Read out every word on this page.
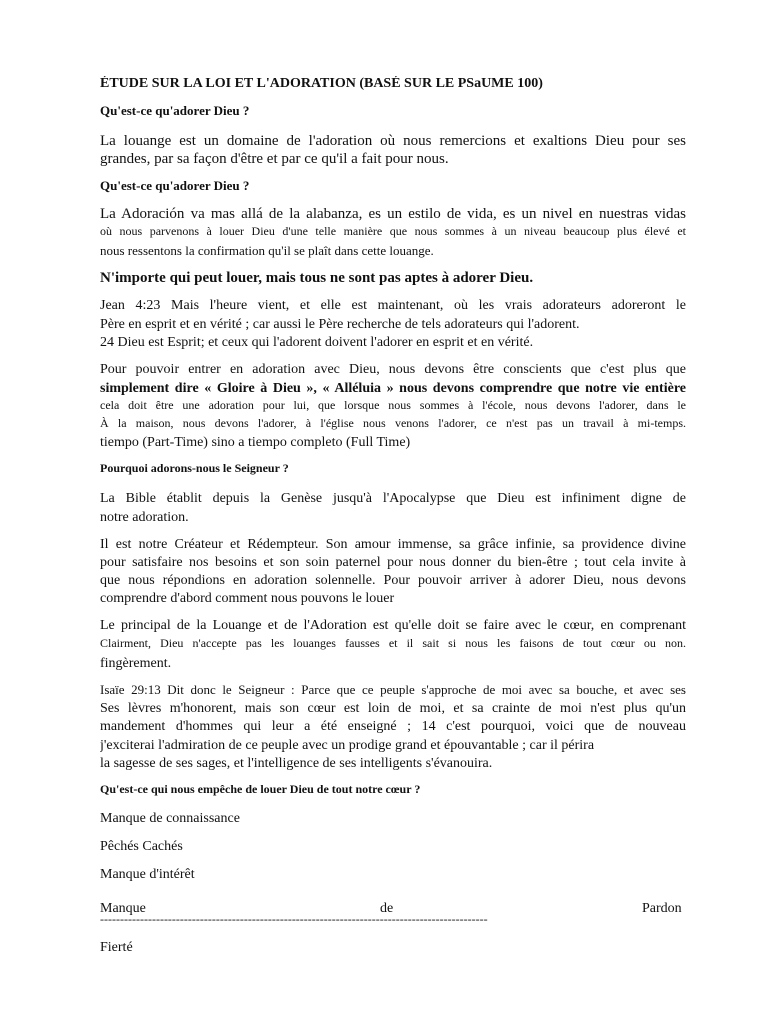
ÉTUDE SUR LA LOI ET L'ADORATION (BASÉ SUR LE PSaUME 100)
Qu'est-ce qu'adorer Dieu ?
La louange est un domaine de l'adoration où nous remercions et exaltions Dieu pour ses
grandes, par sa façon d'être et par ce qu'il a fait pour nous.
Qu'est-ce qu'adorer Dieu ?
La Adoración va mas allá de la alabanza, es un estilo de vida, es un nivel en nuestras vidas
où nous parvenons à louer Dieu d'une telle manière que nous sommes à un niveau beaucoup plus élevé et
nous ressentons la confirmation qu'il se plaît dans cette louange.
N'importe qui peut louer, mais tous ne sont pas aptes à adorer Dieu.
Jean 4:23 Mais l'heure vient, et elle est maintenant, où les vrais adorateurs adoreront le
Père en esprit et en vérité ; car aussi le Père recherche de tels adorateurs qui l'adorent.
24 Dieu est Esprit; et ceux qui l'adorent doivent l'adorer en esprit et en vérité.
Pour pouvoir entrer en adoration avec Dieu, nous devons être conscients que c'est plus que
simplement dire « Gloire à Dieu », « Alléluia » nous devons comprendre que notre vie entière
cela doit être une adoration pour lui, que lorsque nous sommes à l'école, nous devons l'adorer, dans le
À la maison, nous devons l'adorer, à l'église nous venons l'adorer, ce n'est pas un travail à mi-temps.
tiempo (Part-Time) sino a tiempo completo (Full Time)
Pourquoi adorons-nous le Seigneur ?
La Bible établit depuis la Genèse jusqu'à l'Apocalypse que Dieu est infiniment digne de
notre adoration.
Il est notre Créateur et Rédempteur. Son amour immense, sa grâce infinie, sa providence divine
pour satisfaire nos besoins et son soin paternel pour nous donner du bien-être ; tout cela invite à
que nous répondions en adoration solennelle. Pour pouvoir arriver à adorer Dieu, nous devons
comprendre d'abord comment nous pouvons le louer
Le principal de la Louange et de l'Adoration est qu'elle doit se faire avec le cœur, en comprenant
Clairment, Dieu n'accepte pas les louanges fausses et il sait si nous les faisons de tout cœur ou non.
fingèrement.
Isaïe 29:13 Dit donc le Seigneur : Parce que ce peuple s'approche de moi avec sa bouche, et avec ses
Ses lèvres m'honorent, mais son cœur est loin de moi, et sa crainte de moi n'est plus qu'un
mandement d'hommes qui leur a été enseigné ; 14 c'est pourquoi, voici que de nouveau
j'exciterai l'admiration de ce peuple avec un prodige grand et épouvantable ; car il périra
la sagesse de ses sages, et l'intelligence de ses intelligents s'évanouira.
Qu'est-ce qui nous empêche de louer Dieu de tout notre cœur ?
Manque de connaissance
Pêchés Cachés
Manque d'intérêt
Manque	de	Pardon
-------------------------------------------------------------------------------------------------
Fierté
